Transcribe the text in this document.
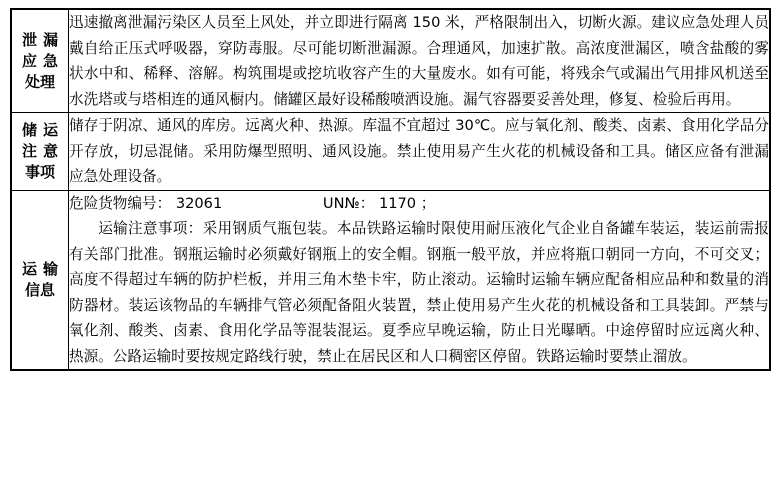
泄漏应急处理	迅速撤离泄漏污染区人员至上风处，并立即进行隔离 150 米，严格限制出入，切断火源。建议应急处理人员戴自给正压式呼吸器，穿防毒服。尽可能切断泄漏源。合理通风，加速扩散。高浓度泄漏区，喷含盐酸的雾状水中和、稀释、溶解。构筑围堤或挖坑收容产生的大量废水。如有可能，将残余气或漏出气用排风机送至水洗塔或与塔相连的通风橱内。储罐区最好设稀酸喷洒设施。漏气容器要妥善处理，修复、检验后再用。

储运注意事项	储存于阴凉、通风的库房。远离火种、热源。库温不宜超过 30℃。应与氧化剂、酸类、卤素、食用化学品分开存放，切忌混储。采用防爆型照明、通风设施。禁止使用易产生火花的机械设备和工具。储区应备有泄漏应急处理设备。

运输信息	危险货物编号： 32061 UN№： 1170 ；

运输注意事项：采用钢质气瓶包装。本品铁路运输时限使用耐压液化气企业自备罐车装运，装运前需报有关部门批准。钢瓶运输时必须戴好钢瓶上的安全帽。钢瓶一般平放，并应将瓶口朝同一方向，不可交叉；高度不得超过车辆的防护栏板，并用三角木垫卡牢，防止滚动。运输时运输车辆应配备相应品种和数量的消防器材。装运该物品的车辆排气管必须配备阻火装置，禁止使用易产生火花的机械设备和工具装卸。严禁与氧化剂、酸类、卤素、食用化学品等混装混运。夏季应早晚运输，防止日光曝晒。中途停留时应远离火种、热源。公路运输时要按规定路线行驶，禁止在居民区和人口稠密区停留。铁路运输时要禁止溜放。
